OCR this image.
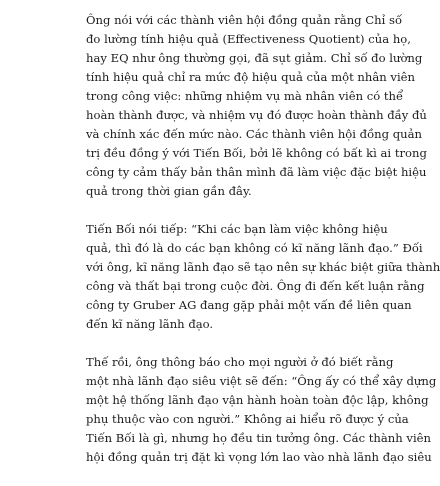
Ông nói với các thành viên hội đồng quản rằng Chỉ số
đo lường tính hiệu quả (Effectiveness Quotient) của họ,
hay EQ như ông thường gọi, đã sụt giảm. Chỉ số đo lường
tính hiệu quả chỉ ra mức độ hiệu quả của một nhân viên
trong công việc: những nhiệm vụ mà nhân viên có thể
hoàn thành được, và nhiệm vụ đó được hoàn thành đầy đủ
và chính xác đến mức nào. Các thành viên hội đồng quản
trị đều đồng ý với Tiến Bối, bởi lẽ không có bất kì ai trong
công ty cảm thấy bản thân mình đã làm việc đặc biệt hiệu
quả trong thời gian gần đây.

Tiến Bối nói tiếp: “Khi các bạn làm việc không hiệu
quả, thì đó là do các bạn không có kĩ năng lãnh đạo.” Đối
với ông, kĩ năng lãnh đạo sẽ tạo nên sự khác biệt giữa thành
công và thất bại trong cuộc đời. Ông đi đến kết luận rằng
công ty Gruber AG đang gặp phải một vấn đề liên quan
đến kĩ năng lãnh đạo.

Thế rồi, ông thông báo cho mọi người ở đó biết rằng
một nhà lãnh đạo siêu việt sẽ đến: “Ông ấy có thể xây dựng
một hệ thống lãnh đạo vận hành hoàn toàn độc lập, không
phụ thuộc vào con người.” Không ai hiểu rõ được ý của
Tiến Bối là gì, nhưng họ đều tin tưởng ông. Các thành viên
hội đồng quản trị đặt kì vọng lớn lao vào nhà lãnh đạo siêu
